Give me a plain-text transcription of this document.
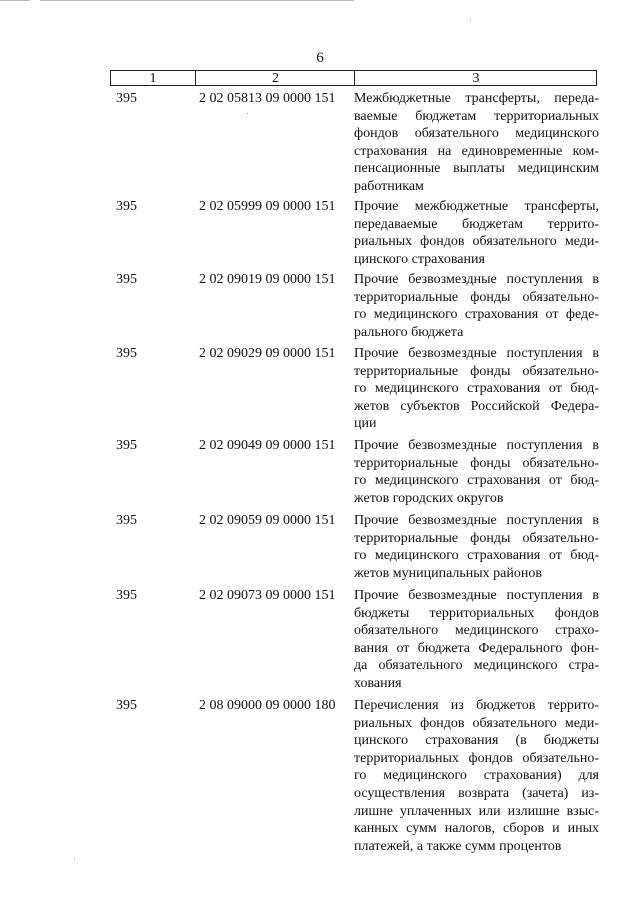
6
1	2	3
395	2 02 05813 09 0000 151	Межбюджетные трансферты, переда-
ваемые бюджетам территориальных
фондов обязательного медицинского
страхования на единовременные ком-
пенсационные выплаты медицинским
работникам
395	2 02 05999 09 0000 151	Прочие межбюджетные трансферты,
передаваемые бюджетам террито-
риальных фондов обязательного меди-
цинского страхования
395	2 02 09019 09 0000 151	Прочие безвозмездные поступления в
территориальные фонды обязательно-
го медицинского страхования от феде-
рального бюджета
395	2 02 09029 09 0000 151	Прочие безвозмездные поступления в
территориальные фонды обязательно-
го медицинского страхования от бюд-
жетов субъектов Российской Федера-
ции
395	2 02 09049 09 0000 151	Прочие безвозмездные поступления в
территориальные фонды обязательно-
го медицинского страхования от бюд-
жетов городских округов
395	2 02 09059 09 0000 151	Прочие безвозмездные поступления в
территориальные фонды обязательно-
го медицинского страхования от бюд-
жетов муниципальных районов
395	2 02 09073 09 0000 151	Прочие безвозмездные поступления в
бюджеты территориальных фондов
обязательного медицинского страхо-
вания от бюджета Федерального фон-
да обязательного медицинского стра-
хования
395	2 08 09000 09 0000 180	Перечисления из бюджетов террито-
риальных фондов обязательного меди-
цинского страхования (в бюджеты
территориальных фондов обязательно-
го медицинского страхования) для
осуществления возврата (зачета) из-
лишне уплаченных или излишне взыс-
канных сумм налогов, сборов и иных
платежей, а также сумм процентов
